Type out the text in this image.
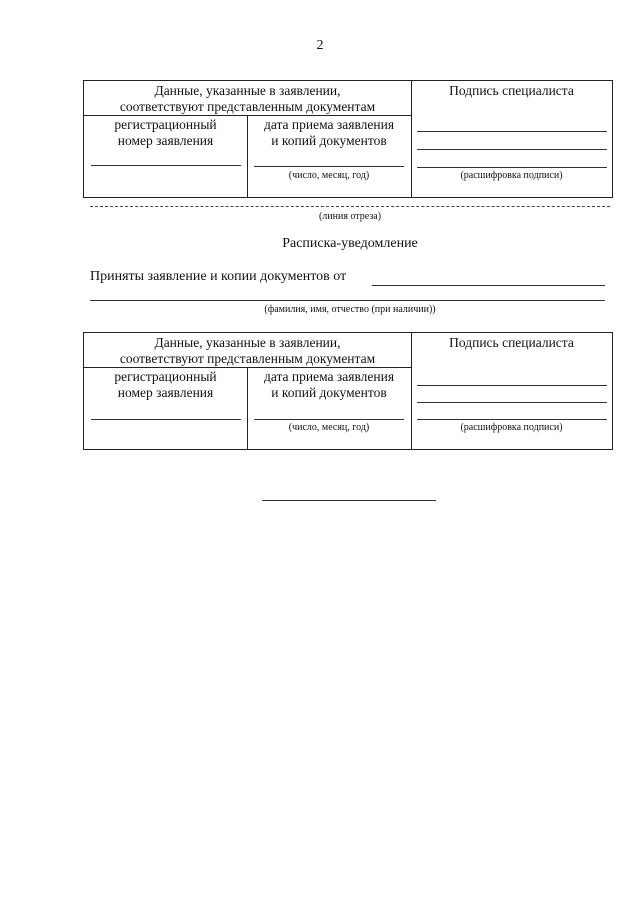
2
Данные, указанные в заявлении,
соответствуют представленным документам
Подпись специалиста
регистрационный
номер заявления
дата приема заявления
и копий документов
(число, месяц, год)	(расшифровка подписи)
(линия отреза)
Расписка-уведомление
Приняты заявление и копии документов от
(фамилия, имя, отчество (при наличии))
Данные, указанные в заявлении,
соответствуют представленным документам
Подпись специалиста
регистрационный
номер заявления
дата приема заявления
и копий документов
(число, месяц, год)	(расшифровка подписи)
